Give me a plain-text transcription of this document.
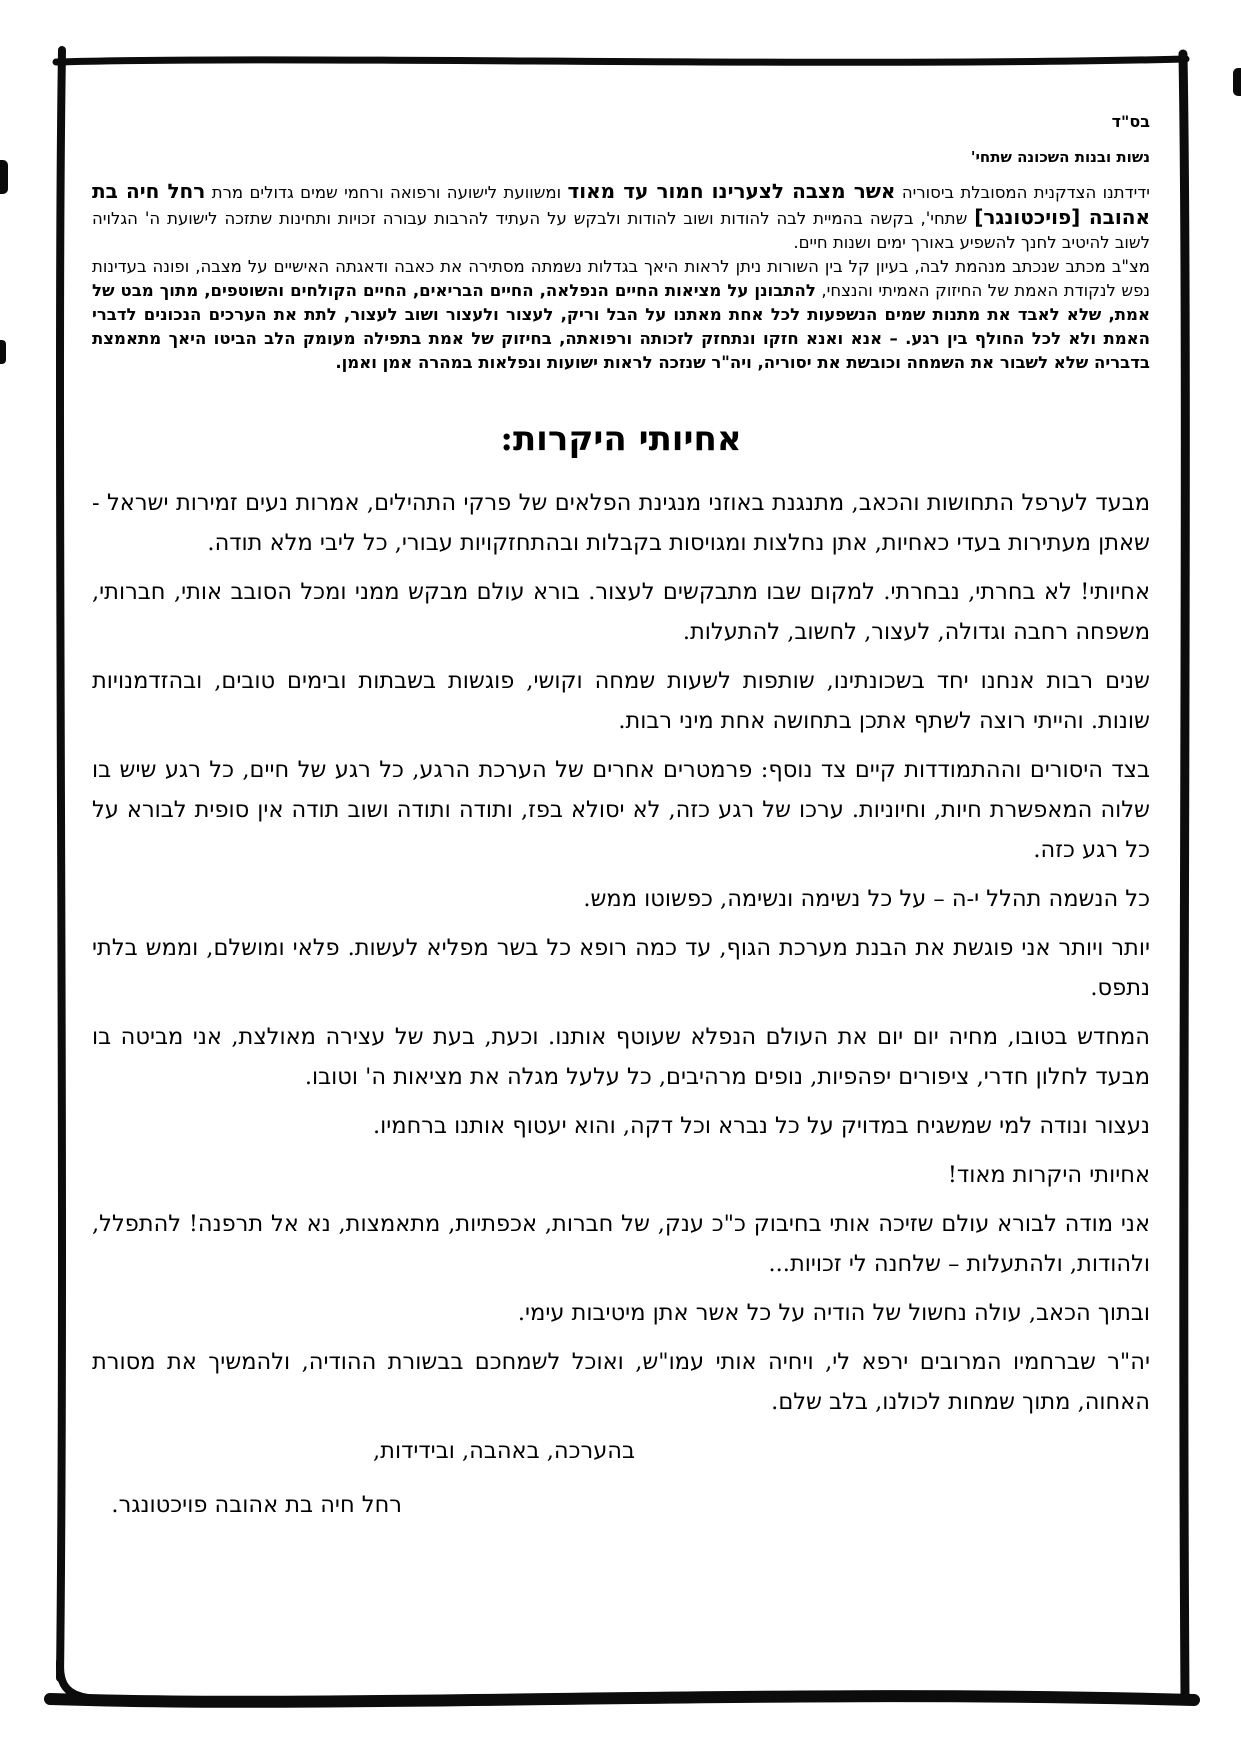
בס"ד
נשות ובנות השכונה שתחי'

ידידתנו הצדקנית המסובלת ביסוריה אשר מצבה לצערינו חמור עד מאוד ומשוועת לישועה ורפואה ורחמי שמים גדולים מרת רחל חיה בת אהובה [פויכטונגר] שתחי', בקשה בהמיית לבה להודות ושוב להודות ולבקש על העתיד להרבות עבורה זכויות ותחינות שתזכה לישועת ה' הגלויה לשוב להיטיב לחנך להשפיע באורך ימים ושנות חיים.

מצ"ב מכתב שנכתב מנהמת לבה, בעיון קל בין השורות ניתן לראות היאך בגדלות נשמתה מסתירה את כאבה ודאגתה האישיים על מצבה, ופונה בעדינות נפש לנקודת האמת של החיזוק האמיתי והנצחי, להתבונן על מציאות החיים הנפלאה, החיים הבריאים, החיים הקולחים והשוטפים, מתוך מבט של אמת, שלא לאבד את מתנות שמים הנשפעות לכל אחת מאתנו על הבל וריק, לעצור ולעצור ושוב לעצור, לתת את הערכים הנכונים לדברי האמת ולא לכל החולף בין רגע. – אנא ואנא חזקו ונתחזק לזכותה ורפואתה, בחיזוק של אמת בתפילה מעומק הלב הביטו היאך מתאמצת בדבריה שלא לשבור את השמחה וכובשת את יסוריה, ויה"ר שנזכה לראות ישועות ונפלאות במהרה אמן ואמן.

אחיותי היקרות:

מבעד לערפל התחושות והכאב, מתנגנת באוזני מנגינת הפלאים של פרקי התהילים, אמרות נעים זמירות ישראל - שאתן מעתירות בעדי כאחיות, אתן נחלצות ומגויסות בקבלות ובהתחזקויות עבורי, כל ליבי מלא תודה.

אחיותי! לא בחרתי, נבחרתי. למקום שבו מתבקשים לעצור. בורא עולם מבקש ממני ומכל הסובב אותי, חברותי, משפחה רחבה וגדולה, לעצור, לחשוב, להתעלות.

שנים רבות אנחנו יחד בשכונתינו, שותפות לשעות שמחה וקושי, פוגשות בשבתות ובימים טובים, ובהזדמנויות שונות. והייתי רוצה לשתף אתכן בתחושה אחת מיני רבות.

בצד היסורים וההתמודדות קיים צד נוסף: פרמטרים אחרים של הערכת הרגע, כל רגע של חיים, כל רגע שיש בו שלוה המאפשרת חיות, וחיוניות. ערכו של רגע כזה, לא יסולא בפז, ותודה ותודה ושוב תודה אין סופית לבורא על כל רגע כזה.

כל הנשמה תהלל י-ה – על כל נשימה ונשימה, כפשוטו ממש.

יותר ויותר אני פוגשת את הבנת מערכת הגוף, עד כמה רופא כל בשר מפליא לעשות. פלאי ומושלם, וממש בלתי נתפס.

המחדש בטובו, מחיה יום יום את העולם הנפלא שעוטף אותנו. וכעת, בעת של עצירה מאולצת, אני מביטה בו מבעד לחלון חדרי, ציפורים יפהפיות, נופים מרהיבים, כל עלעל מגלה את מציאות ה' וטובו.

נעצור ונודה למי שמשגיח במדויק על כל נברא וכל דקה, והוא יעטוף אותנו ברחמיו.

אחיותי היקרות מאוד!

אני מודה לבורא עולם שזיכה אותי בחיבוק כ"כ ענק, של חברות, אכפתיות, מתאמצות, נא אל תרפנה! להתפלל, ולהודות, ולהתעלות – שלחנה לי זכויות...

ובתוך הכאב, עולה נחשול של הודיה על כל אשר אתן מיטיבות עימי.

יה"ר שברחמיו המרובים ירפא לי, ויחיה אותי עמו"ש, ואוכל לשמחכם בבשורת ההודיה, ולהמשיך את מסורת האחוה, מתוך שמחות לכולנו, בלב שלם.

בהערכה, באהבה, ובידידות,

רחל חיה בת אהובה פויכטונגר.
